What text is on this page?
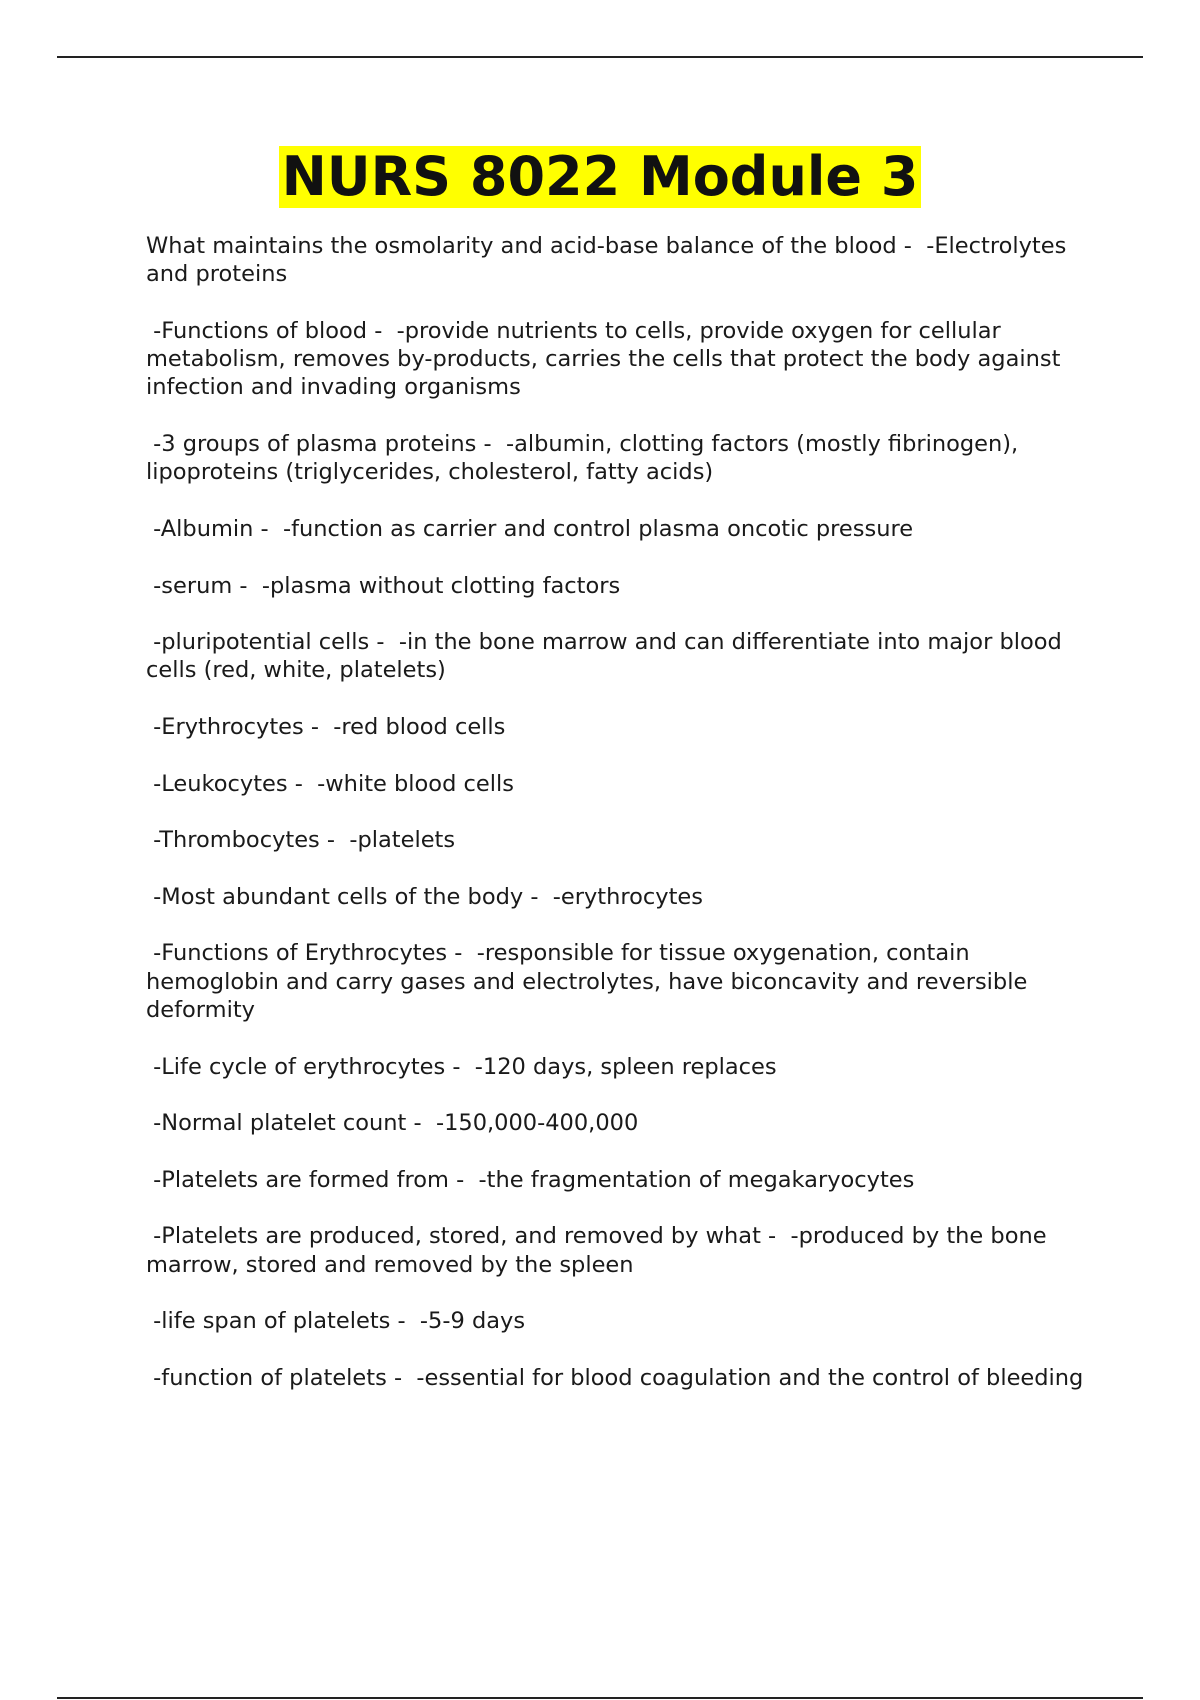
NURS 8022 Module 3

What maintains the osmolarity and acid-base balance of the blood -  -Electrolytes and proteins

-Functions of blood -  -provide nutrients to cells, provide oxygen for cellular metabolism, removes by-products, carries the cells that protect the body against infection and invading organisms

-3 groups of plasma proteins -  -albumin, clotting factors (mostly fibrinogen), lipoproteins (triglycerides, cholesterol, fatty acids)

-Albumin -  -function as carrier and control plasma oncotic pressure

-serum -  -plasma without clotting factors

-pluripotential cells -  -in the bone marrow and can differentiate into major blood cells (red, white, platelets)

-Erythrocytes -  -red blood cells

-Leukocytes -  -white blood cells

-Thrombocytes -  -platelets

-Most abundant cells of the body -  -erythrocytes

-Functions of Erythrocytes -  -responsible for tissue oxygenation, contain hemoglobin and carry gases and electrolytes, have biconcavity and reversible deformity

-Life cycle of erythrocytes -  -120 days, spleen replaces

-Normal platelet count -  -150,000-400,000

-Platelets are formed from -  -the fragmentation of megakaryocytes

-Platelets are produced, stored, and removed by what -  -produced by the bone marrow, stored and removed by the spleen

-life span of platelets -  -5-9 days

-function of platelets -  -essential for blood coagulation and the control of bleeding
